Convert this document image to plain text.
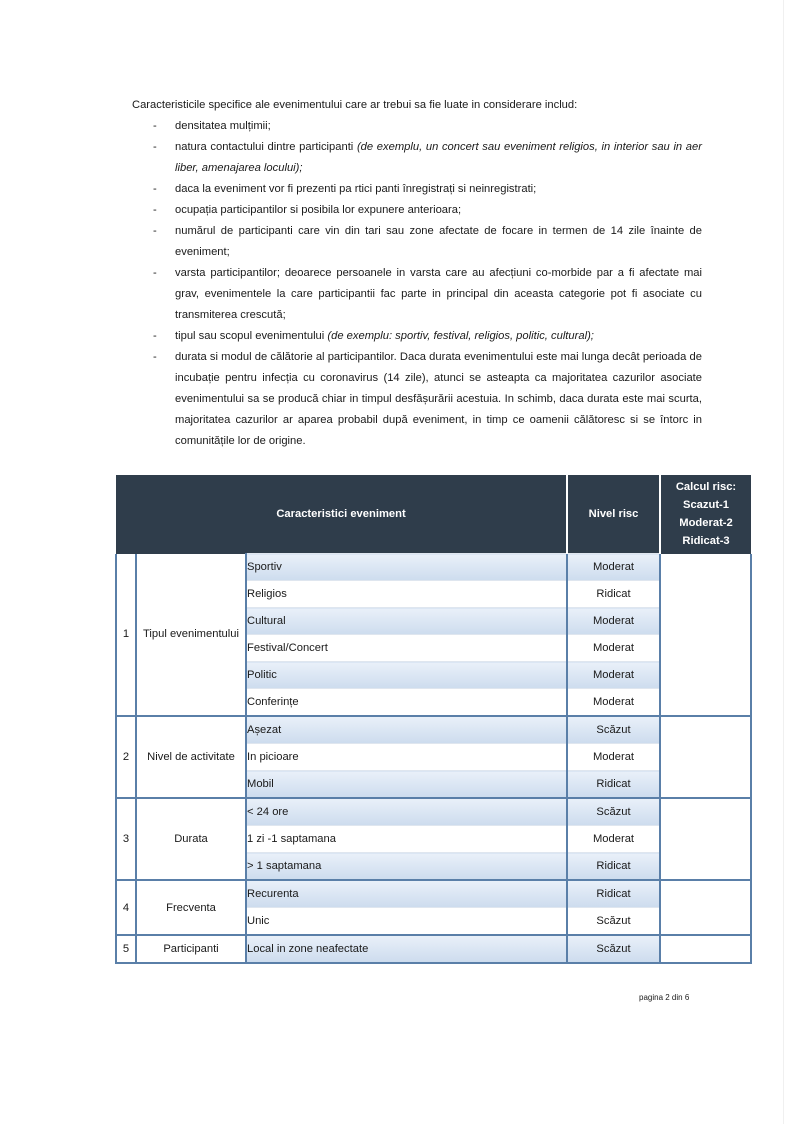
Caracteristicile specifice ale evenimentului care ar trebui sa fie luate in considerare includ:

- densitatea mulțimii;
- natura contactului dintre participanti (de exemplu, un concert sau eveniment religios, in interior sau in aer liber, amenajarea locului);
- daca la eveniment vor fi prezenti pa rtici panti înregistrați si neinregistrati;
- ocupația participantilor si posibila lor expunere anterioara;
- numărul de participanti care vin din tari sau zone afectate de focare in termen de 14 zile înainte de eveniment;
- varsta participantilor; deoarece persoanele in varsta care au afecțiuni co-morbide par a fi afectate mai grav, evenimentele la care participantii fac parte in principal din aceasta categorie pot fi asociate cu transmiterea crescută;
- tipul sau scopul evenimentului (de exemplu: sportiv, festival, religios, politic, cultural);
- durata si modul de călătorie al participantilor. Daca durata evenimentului este mai lunga decât perioada de incubație pentru infecția cu coronavirus (14 zile), atunci se asteapta ca majoritatea cazurilor asociate evenimentului sa se producă chiar in timpul desfășurării acestuia. In schimb, daca durata este mai scurta, majoritatea cazurilor ar aparea probabil după eveniment, in timp ce oamenii călătoresc si se întorc in comunitățile lor de origine.
Caracteristici eveniment			Nivel risc	Calcul risc:
Scazut-1
Moderat-2
Ridicat-3
1	Tipul evenimentului	Sportiv	Moderat	
		Religios	Ridicat	
		Cultural	Moderat	
		Festival/Concert	Moderat	
		Politic	Moderat	
		Conferințe	Moderat	
2	Nivel de activitate	Așezat	Scăzut	
		In picioare	Moderat	
		Mobil	Ridicat	
3	Durata	< 24 ore	Scăzut	
		1 zi -1 saptamana	Moderat	
		> 1 saptamana	Ridicat	
4	Frecventa	Recurenta	Ridicat	
		Unic	Scăzut	
5	Participanti	Local in zone neafectate	Scăzut	
pagina 2 din 6
